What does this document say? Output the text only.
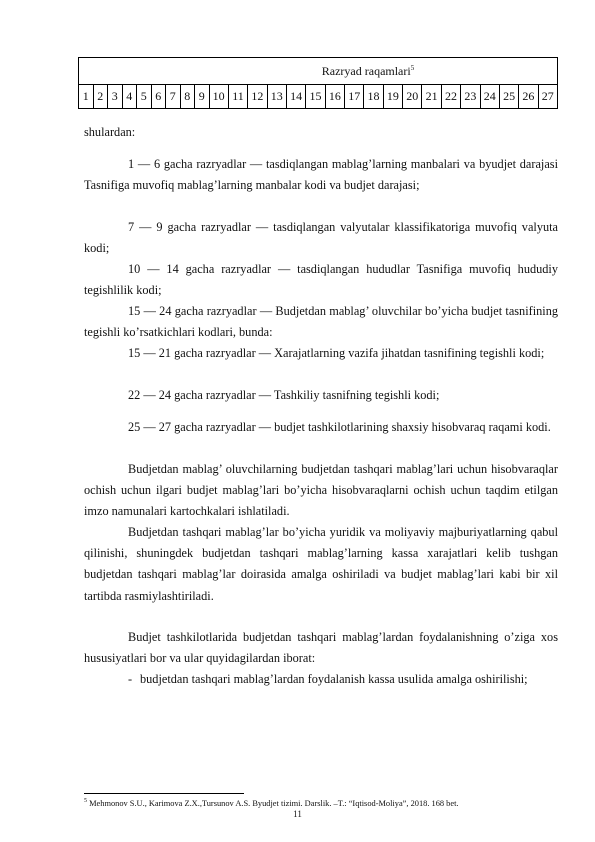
Razryad raqamlari$^5$
1 2 3 4 5 6 7 8 9 10 11 12 13 14 15 16 17 18 19 20 21 22 23 24 25 26 27
shulardan:
1 — 6 gacha razryadlar — tasdiqlangan mablag’larning manbalari va byudjet darajasi Tasnifiga muvofiq mablag’larning manbalar kodi va budjet darajasi;
7 — 9 gacha razryadlar — tasdiqlangan valyutalar klassifikatoriga muvofiq valyuta kodi;
10 — 14 gacha razryadlar — tasdiqlangan hududlar Tasnifiga muvofiq hududiy tegishlilik kodi;
15 — 24 gacha razryadlar — Budjetdan mablag’ oluvchilar bo’yicha budjet tasnifining tegishli ko’rsatkichlari kodlari, bunda:
15 — 21 gacha razryadlar — Xarajatlarning vazifa jihatdan tasnifining tegishli kodi;
22 — 24 gacha razryadlar — Tashkiliy tasnifning tegishli kodi;
25 — 27 gacha razryadlar — budjet tashkilotlarining shaxsiy hisobvaraq raqami kodi.
Budjetdan mablag’ oluvchilarning budjetdan tashqari mablag’lari uchun hisobvaraqlar ochish uchun ilgari budjet mablag’lari bo’yicha hisobvaraqlarni ochish uchun taqdim etilgan imzo namunalari kartochkalari ishlatiladi.
Budjetdan tashqari mablag’lar bo’yicha yuridik va moliyaviy majburiyatlarning qabul qilinishi, shuningdek budjetdan tashqari mablag’larning kassa xarajatlari kelib tushgan budjetdan tashqari mablag’lar doirasida amalga oshiriladi va budjet mablag’lari kabi bir xil tartibda rasmiylashtiriladi.
Budjet tashkilotlarida budjetdan tashqari mablag’lardan foydalanishning o’ziga xos hususiyatlari bor va ular quyidagilardan iborat:
- budjetdan tashqari mablag’lardan foydalanish kassa usulida amalga oshirilishi;
$^5$ Mehmonov S.U., Karimova Z.X.,Tursunov A.S. Byudjet tizimi. Darslik. –T.: “Iqtisod-Moliya”, 2018. 168 bet.
11
